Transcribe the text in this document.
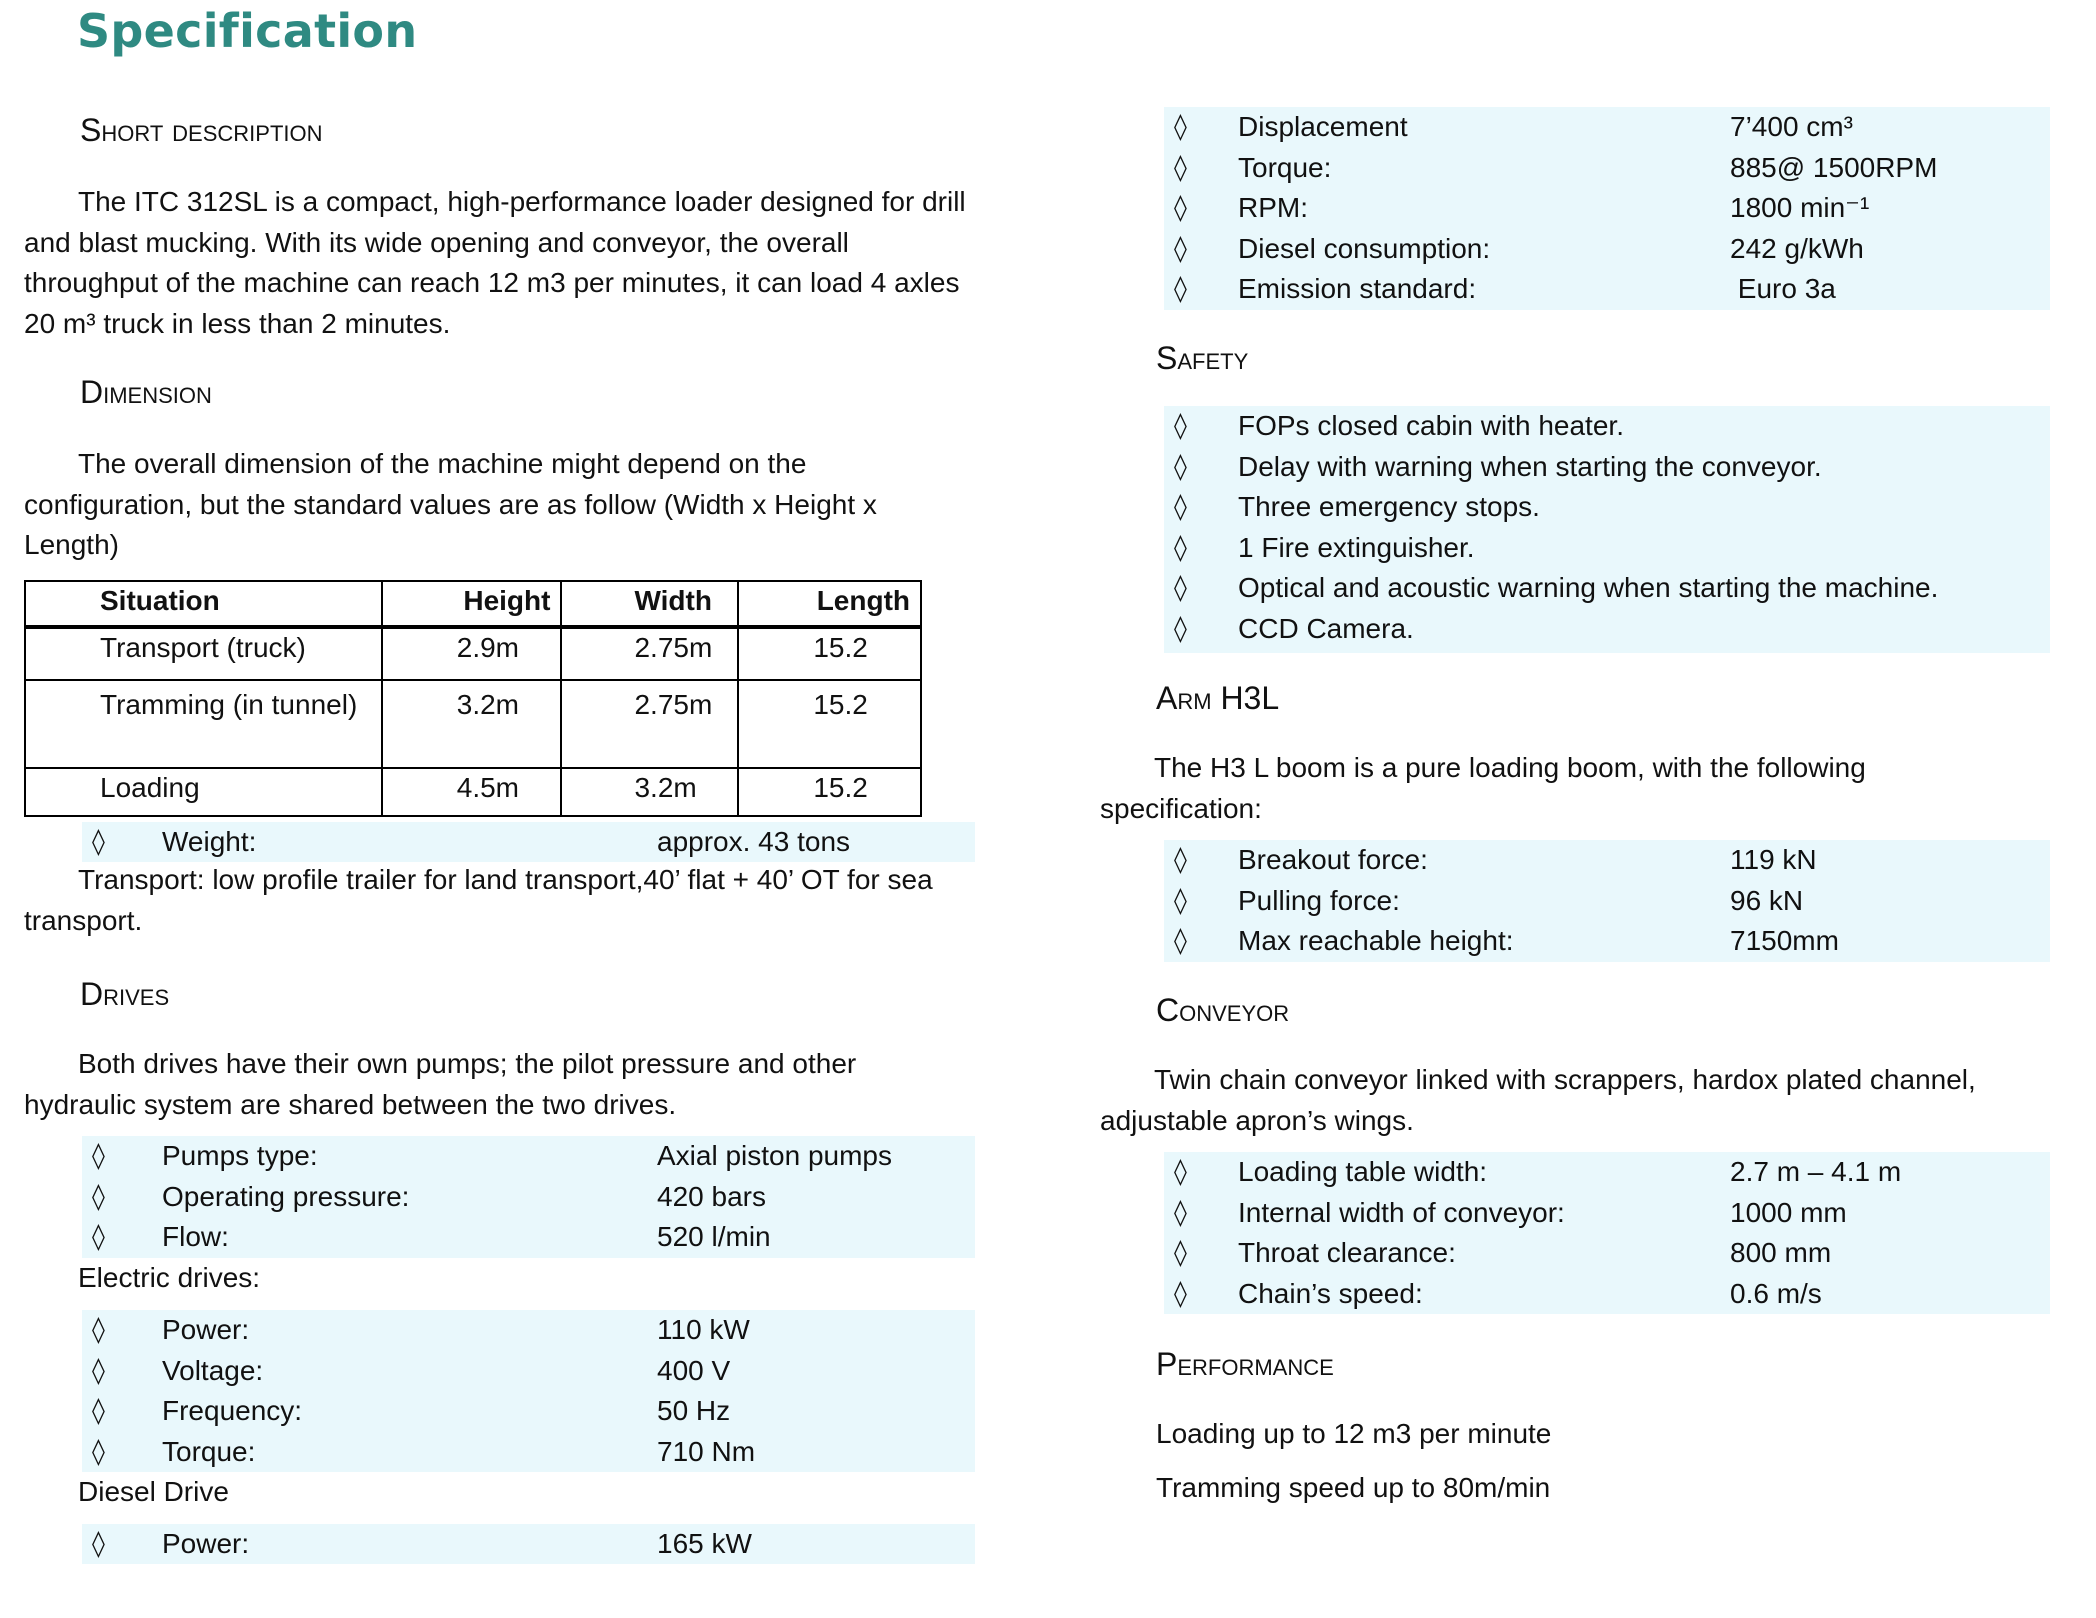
Specification
Short description
The ITC 312SL is a compact, high-performance loader designed for drill and blast mucking. With its wide opening and conveyor, the overall throughput of the machine can reach 12 m3 per minutes, it can load 4 axles 20 m³ truck in less than 2 minutes.
Dimension
The overall dimension of the machine might depend on the configuration, but the standard values are as follow (Width x Height x Length)
Situation	Height	Width	Length
Transport (truck)	2.9m	2.75m	15.2
Tramming (in tunnel)	3.2m	2.75m	15.2
Loading	4.5m	3.2m	15.2
◊ Weight:	approx. 43 tons
Transport: low profile trailer for land transport,40’ flat + 40’ OT for sea transport.
Drives
Both drives have their own pumps; the pilot pressure and other hydraulic system are shared between the two drives.
◊ Pumps type:	Axial piston pumps
◊ Operating pressure:	420 bars
◊ Flow:	520 l/min
Electric drives:
◊ Power:	110 kW
◊ Voltage:	400 V
◊ Frequency:	50 Hz
◊ Torque:	710 Nm
Diesel Drive
◊ Power:	165 kW
◊ Displacement	7’400 cm³
◊ Torque:	885@ 1500RPM
◊ RPM:	1800 min⁻¹
◊ Diesel consumption:	242 g/kWh
◊ Emission standard:	Euro 3a
Safety
◊ FOPs closed cabin with heater.
◊ Delay with warning when starting the conveyor.
◊ Three emergency stops.
◊ 1 Fire extinguisher.
◊ Optical and acoustic warning when starting the machine.
◊ CCD Camera.
Arm H3L
The H3 L boom is a pure loading boom, with the following specification:
◊ Breakout force:	119 kN
◊ Pulling force:	96 kN
◊ Max reachable height:	7150mm
Conveyor
Twin chain conveyor linked with scrappers, hardox plated channel, adjustable apron’s wings.
◊ Loading table width:	2.7 m – 4.1 m
◊ Internal width of conveyor:	1000 mm
◊ Throat clearance:	800 mm
◊ Chain’s speed:	0.6 m/s
Performance
Loading up to 12 m3 per minute
Tramming speed up to 80m/min
